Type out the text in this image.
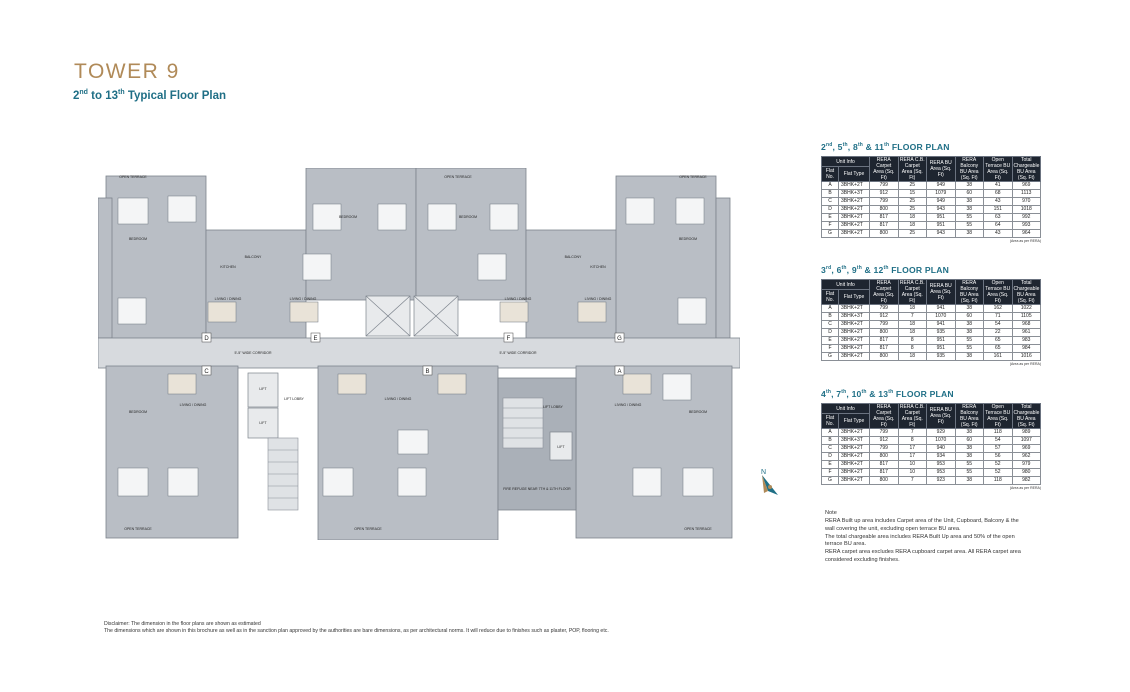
TOWER 9
2nd to 13th Typical Floor Plan
D	E	F	G
C	B	A
5'-5" WIDE CORRIDOR	5'-5" WIDE CORRIDOR
LIFT
LIFT
LIFT
LIFT LOBBY
LIFT LOBBY
BEDROOM
BEDROOM	BEDROOM
BEDROOM
BEDROOM	BEDROOM
LIVING / DINING	LIVING / DINING	LIVING / DINING	LIVING / DINING
LIVING / DINING
LIVING / DINING
LIVING / DINING
KITCHEN	KITCHEN
BALCONY	BALCONY
OPEN TERRACE	OPEN TERRACE	OPEN TERRACE
OPEN TERRACE	OPEN TERRACE	OPEN TERRACE
FIRE REFUGE NEAR 7TH & 11TH FLOOR
2nd, 5th, 8th & 11th FLOOR PLAN
Unit Info		RERA Carpet Area (Sq. Ft)	RERA C.B. Carpet Area (Sq. Ft)	RERA BU Area (Sq. Ft)	RERA Balcony BU Area (Sq. Ft)	Open Terrace BU Area (Sq. Ft)	Total Chargeable BU Area (Sq. Ft)
Flat No.	Flat Type						
A	3BHK+2T	799	25	949	38	41	969
B	3BHK+3T	912	15	1079	60	68	1113
C	3BHK+2T	799	25	949	38	43	970
D	3BHK+2T	800	25	943	38	151	1018
E	3BHK+2T	817	18	951	55	63	992
F	3BHK+2T	817	18	951	55	64	993
G	3BHK+2T	800	25	943	38	43	964
(Area as per RERA)
3rd, 6th, 9th & 12th FLOOR PLAN
Unit Info		RERA Carpet Area (Sq. Ft)	RERA C.B. Carpet Area (Sq. Ft)	RERA BU Area (Sq. Ft)	RERA Balcony BU Area (Sq. Ft)	Open Terrace BU Area (Sq. Ft)	Total Chargeable BU Area (Sq. Ft)
Flat No.	Flat Type						
A	3BHK+2T	799	18	941	38	162	1022
B	3BHK+3T	912	7	1070	60	71	1105
C	3BHK+2T	799	18	941	38	54	968
D	3BHK+2T	800	18	935	38	22	961
E	3BHK+2T	817	8	951	55	65	983
F	3BHK+2T	817	8	951	55	65	984
G	3BHK+2T	800	18	935	38	161	1016
(Area as per RERA)
4th, 7th, 10th & 13th FLOOR PLAN
Unit Info		RERA Carpet Area (Sq. Ft)	RERA C.B. Carpet Area (Sq. Ft)	RERA BU Area (Sq. Ft)	RERA Balcony BU Area (Sq. Ft)	Open Terrace BU Area (Sq. Ft)	Total Chargeable BU Area (Sq. Ft)
Flat No.	Flat Type						
A	3BHK+2T	799	7	929	38	118	989
B	3BHK+3T	912	8	1070	60	54	1097
C	3BHK+2T	799	17	940	38	57	969
D	3BHK+2T	800	17	934	38	56	962
E	3BHK+2T	817	10	953	55	52	979
F	3BHK+2T	817	10	953	55	52	980
G	3BHK+2T	800	7	923	38	118	982
(Area as per RERA)
N

Note

RERA Built up area includes Carpet area of the Unit, Cupboard, Balcony & the wall covering the unit, excluding open terrace BU area.

The total chargeable area includes RERA Built Up area and 50% of the open terrace BU area.

RERA carpet area excludes RERA cupboard carpet area. All RERA carpet area considered excluding finishes.

Disclaimer: The dimension in the floor plans are shown as estimated
The dimensions which are shown in this brochure as well as in the sanction plan approved by the authorities are bare dimensions, as per architectural norms. It will reduce due to finishes such as plaster, POP, flooring etc.
